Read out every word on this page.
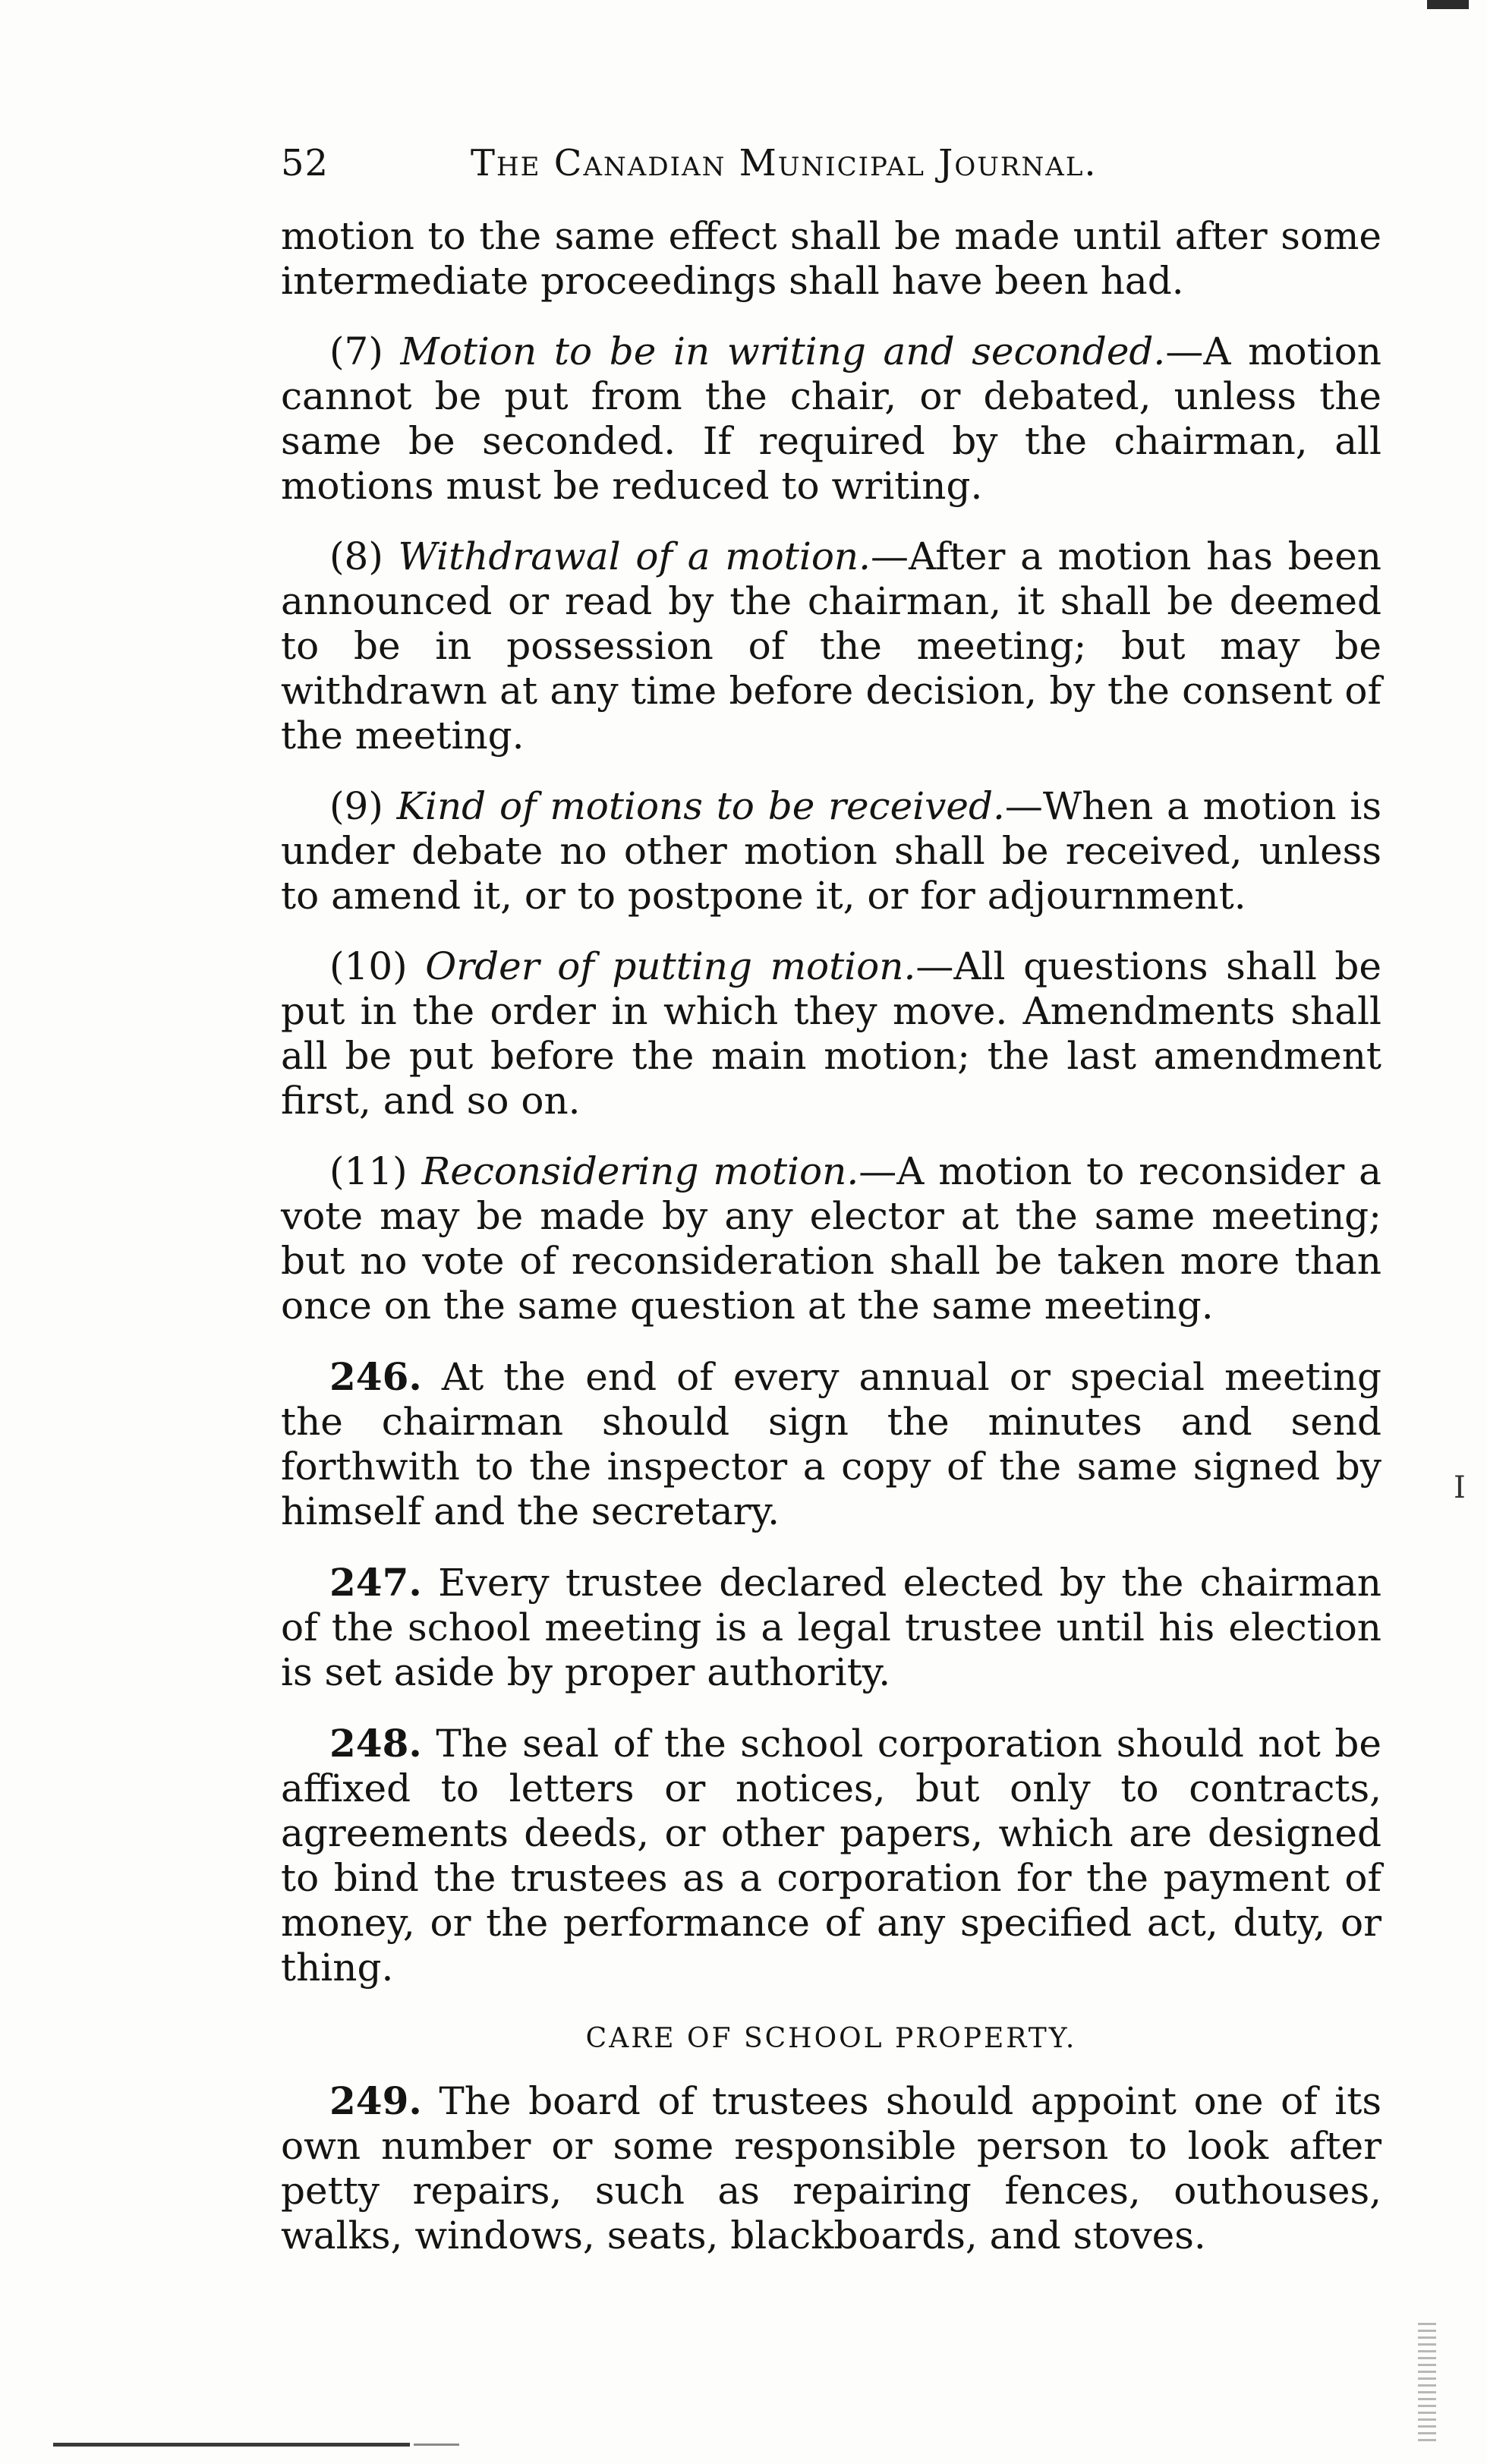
52	The Canadian Municipal Journal.

motion to the same effect shall be made until after some intermediate proceedings shall have been had.

(7) Motion to be in writing and seconded.—A motion cannot be put from the chair, or debated, unless the same be seconded. If required by the chairman, all motions must be reduced to writing.

(8) Withdrawal of a motion.—After a motion has been announced or read by the chairman, it shall be deemed to be in possession of the meeting; but may be withdrawn at any time before decision, by the consent of the meeting.

(9) Kind of motions to be received.—When a motion is under debate no other motion shall be received, unless to amend it, or to postpone it, or for adjournment.

(10) Order of putting motion.—All questions shall be put in the order in which they move. Amendments shall all be put before the main motion; the last amendment first, and so on.

(11) Reconsidering motion.—A motion to reconsider a vote may be made by any elector at the same meeting; but no vote of reconsideration shall be taken more than once on the same question at the same meeting.

246. At the end of every annual or special meeting the chairman should sign the minutes and send forthwith to the inspector a copy of the same signed by himself and the secretary.

247. Every trustee declared elected by the chairman of the school meeting is a legal trustee until his election is set aside by proper authority.

248. The seal of the school corporation should not be affixed to letters or notices, but only to contracts, agreements deeds, or other papers, which are designed to bind the trustees as a corporation for the payment of money, or the performance of any specified act, duty, or thing.

CARE OF SCHOOL PROPERTY.

249. The board of trustees should appoint one of its own number or some responsible person to look after petty repairs, such as repairing fences, outhouses, walks, windows, seats, blackboards, and stoves.

I
